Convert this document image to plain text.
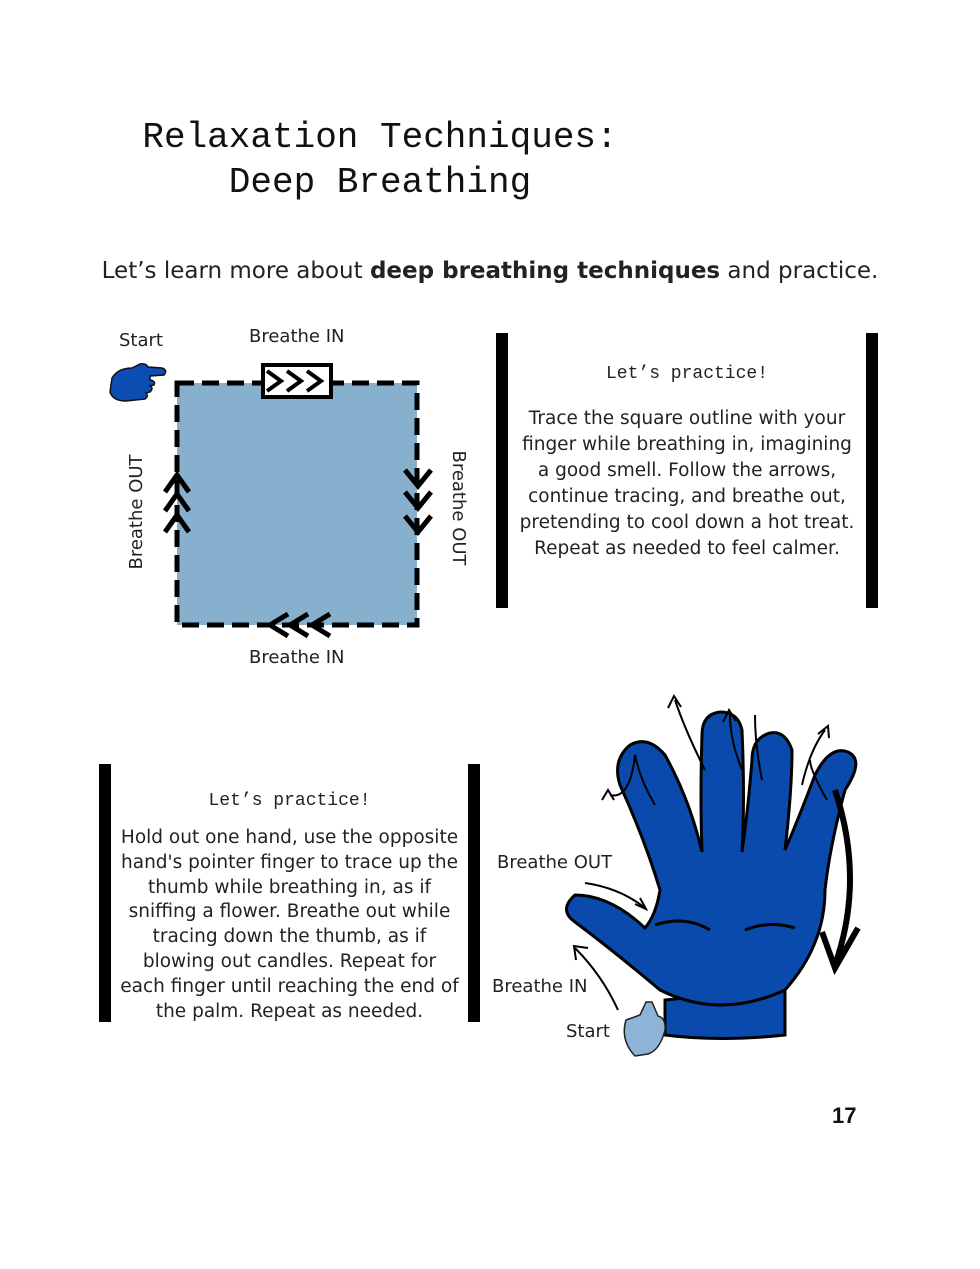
Relaxation Techniques:
Deep Breathing
Let’s learn more about deep breathing techniques and practice.
Start	Breathe IN
Breathe IN
Breathe OUT	Breathe OUT
Let’s practice!
Trace the square outline with your finger while breathing in, imagining a good smell. Follow the arrows, continue tracing, and breathe out, pretending to cool down a hot treat. Repeat as needed to feel calmer.
Let’s practice!
Hold out one hand, use the opposite hand's pointer finger to trace up the thumb while breathing in, as if sniffing a flower. Breathe out while tracing down the thumb, as if blowing out candles. Repeat for each finger until reaching the end of the palm. Repeat as needed.
Breathe OUT
Breathe IN
Start
17
